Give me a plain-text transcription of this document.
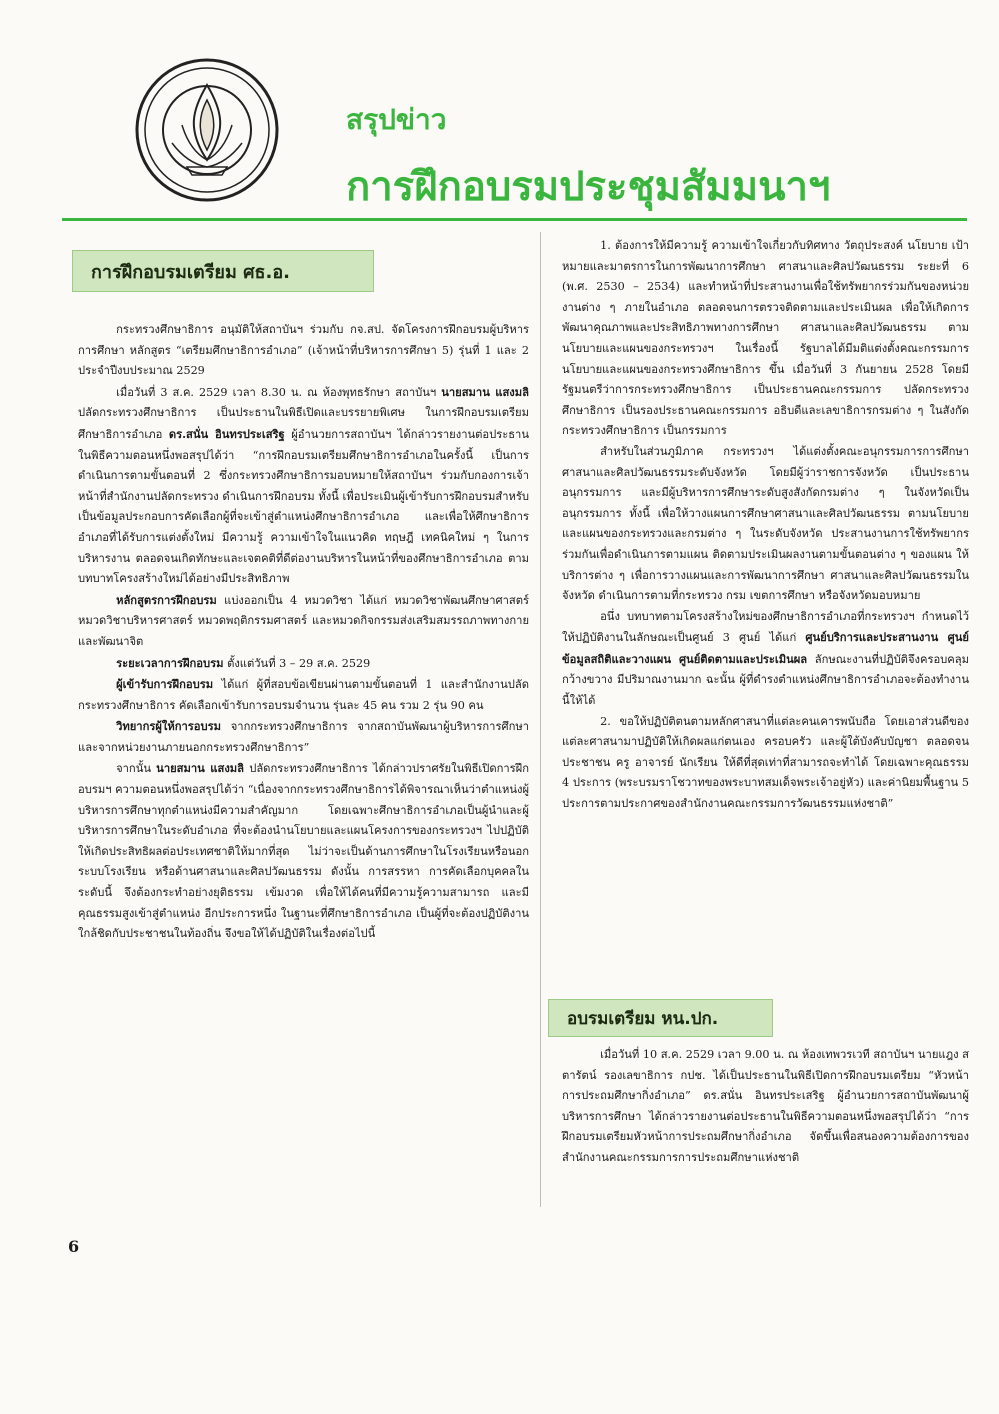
สรุปข่าว

การฝึกอบรมประชุมสัมมนาฯ
การฝึกอบรมเตรียม ศธ.อ.

กระทรวงศึกษาธิการ อนุมัติให้สถาบันฯ ร่วมกับ กจ.สป. จัดโครงการฝึกอบรมผู้บริหารการศึกษา หลักสูตร “เตรียมศึกษาธิการอำเภอ” (เจ้าหน้าที่บริหารการศึกษา 5) รุ่นที่ 1 และ 2 ประจำปีงบประมาณ 2529

เมื่อวันที่ 3 ส.ค. 2529 เวลา 8.30 น. ณ ห้องพุทธรักษา สถาบันฯ นายสมาน แสงมลิ ปลัดกระทรวงศึกษาธิการ เป็นประธานในพิธีเปิดและบรรยายพิเศษ ในการฝึกอบรมเตรียมศึกษาธิการอำเภอ ดร.สนั่น อินทรประเสริฐ ผู้อำนวยการสถาบันฯ ได้กล่าวรายงานต่อประธานในพิธีความตอนหนึ่งพอสรุปได้ว่า “การฝึกอบรมเตรียมศึกษาธิการอำเภอในครั้งนี้ เป็นการดำเนินการตามขั้นตอนที่ 2 ซึ่งกระทรวงศึกษาธิการมอบหมายให้สถาบันฯ ร่วมกับกองการเจ้าหน้าที่สำนักงานปลัดกระทรวง ดำเนินการฝึกอบรม ทั้งนี้ เพื่อประเมินผู้เข้ารับการฝึกอบรมสำหรับเป็นข้อมูลประกอบการคัดเลือกผู้ที่จะเข้าสู่ตำแหน่งศึกษาธิการอำเภอ และเพื่อให้ศึกษาธิการอำเภอที่ได้รับการแต่งตั้งใหม่ มีความรู้ ความเข้าใจในแนวคิด ทฤษฎี เทคนิคใหม่ ๆ ในการบริหารงาน ตลอดจนเกิดทักษะและเจตคติที่ดีต่องานบริหารในหน้าที่ของศึกษาธิการอำเภอ ตามบทบาทโครงสร้างใหม่ได้อย่างมีประสิทธิภาพ

หลักสูตรการฝึกอบรม แบ่งออกเป็น 4 หมวดวิชา ได้แก่ หมวดวิชาพัฒนศึกษาศาสตร์ หมวดวิชาบริหารศาสตร์ หมวดพฤติกรรมศาสตร์ และหมวดกิจกรรมส่งเสริมสมรรถภาพทางกายและพัฒนาจิต

ระยะเวลาการฝึกอบรม ตั้งแต่วันที่ 3 – 29 ส.ค. 2529

ผู้เข้ารับการฝึกอบรม ได้แก่ ผู้ที่สอบข้อเขียนผ่านตามขั้นตอนที่ 1 และสำนักงานปลัดกระทรวงศึกษาธิการ คัดเลือกเข้ารับการอบรมจำนวน รุ่นละ 45 คน รวม 2 รุ่น 90 คน

วิทยากรผู้ให้การอบรม จากกระทรวงศึกษาธิการ จากสถาบันพัฒนาผู้บริหารการศึกษา และจากหน่วยงานภายนอกกระทรวงศึกษาธิการ”

จากนั้น นายสมาน แสงมลิ ปลัดกระทรวงศึกษาธิการ ได้กล่าวปราศรัยในพิธีเปิดการฝึกอบรมฯ ความตอนหนึ่งพอสรุปได้ว่า “เนื่องจากกระทรวงศึกษาธิการได้พิจารณาเห็นว่าตำแหน่งผู้บริหารการศึกษาทุกตำแหน่งมีความสำคัญมาก โดยเฉพาะศึกษาธิการอำเภอเป็นผู้นำและผู้บริหารการศึกษาในระดับอำเภอ ที่จะต้องนำนโยบายและแผนโครงการของกระทรวงฯ ไปปฏิบัติให้เกิดประสิทธิผลต่อประเทศชาติให้มากที่สุด ไม่ว่าจะเป็นด้านการศึกษาในโรงเรียนหรือนอกระบบโรงเรียน หรือด้านศาสนาและศิลปวัฒนธรรม ดังนั้น การสรรหา การคัดเลือกบุคคลในระดับนี้ จึงต้องกระทำอย่างยุติธรรม เข้มงวด เพื่อให้ได้คนที่มีความรู้ความสามารถ และมีคุณธรรมสูงเข้าสู่ตำแหน่ง อีกประการหนึ่ง ในฐานะที่ศึกษาธิการอำเภอ เป็นผู้ที่จะต้องปฏิบัติงานใกล้ชิดกับประชาชนในท้องถิ่น จึงขอให้ได้ปฏิบัติในเรื่องต่อไปนี้

1. ต้องการให้มีความรู้ ความเข้าใจเกี่ยวกับทิศทาง วัตถุประสงค์ นโยบาย เป้าหมายและมาตรการในการพัฒนาการศึกษา ศาสนาและศิลปวัฒนธรรม ระยะที่ 6 (พ.ศ. 2530 – 2534) และทำหน้าที่ประสานงานเพื่อใช้ทรัพยากรร่วมกันของหน่วยงานต่าง ๆ ภายในอำเภอ ตลอดจนการตรวจติดตามและประเมินผล เพื่อให้เกิดการพัฒนาคุณภาพและประสิทธิภาพทางการศึกษา ศาสนาและศิลปวัฒนธรรม ตามนโยบายและแผนของกระทรวงฯ ในเรื่องนี้ รัฐบาลได้มีมติแต่งตั้งคณะกรรมการนโยบายและแผนของกระทรวงศึกษาธิการ ขึ้น เมื่อวันที่ 3 กันยายน 2528 โดยมี รัฐมนตรีว่าการกระทรวงศึกษาธิการ เป็นประธานคณะกรรมการ ปลัดกระทรวงศึกษาธิการ เป็นรองประธานคณะกรรมการ อธิบดีและเลขาธิการกรมต่าง ๆ ในสังกัดกระทรวงศึกษาธิการ เป็นกรรมการ

สำหรับในส่วนภูมิภาค กระทรวงฯ ได้แต่งตั้งคณะอนุกรรมการการศึกษา ศาสนาและศิลปวัฒนธรรมระดับจังหวัด โดยมีผู้ว่าราชการจังหวัด เป็นประธานอนุกรรมการ และมีผู้บริหารการศึกษาระดับสูงสังกัดกรมต่าง ๆ ในจังหวัดเป็นอนุกรรมการ ทั้งนี้ เพื่อให้วางแผนการศึกษาศาสนาและศิลปวัฒนธรรม ตามนโยบายและแผนของกระทรวงและกรมต่าง ๆ ในระดับจังหวัด ประสานงานการใช้ทรัพยากรร่วมกันเพื่อดำเนินการตามแผน ติดตามประเมินผลงานตามขั้นตอนต่าง ๆ ของแผน ให้บริการต่าง ๆ เพื่อการวางแผนและการพัฒนาการศึกษา ศาสนาและศิลปวัฒนธรรมในจังหวัด ดำเนินการตามที่กระทรวง กรม เขตการศึกษา หรือจังหวัดมอบหมาย

อนึ่ง บทบาทตามโครงสร้างใหม่ของศึกษาธิการอำเภอที่กระทรวงฯ กำหนดไว้ให้ปฏิบัติงานในลักษณะเป็นศูนย์ 3 ศูนย์ ได้แก่ ศูนย์บริการและประสานงาน ศูนย์ข้อมูลสถิติและวางแผน ศูนย์ติดตามและประเมินผล ลักษณะงานที่ปฏิบัติจึงครอบคลุม กว้างขวาง มีปริมาณงานมาก ฉะนั้น ผู้ที่ดำรงตำแหน่งศึกษาธิการอำเภอจะต้องทำงานนี้ให้ได้

2. ขอให้ปฏิบัติตนตามหลักศาสนาที่แต่ละคนเคารพนับถือ โดยเอาส่วนดีของแต่ละศาสนามาปฏิบัติให้เกิดผลแก่ตนเอง ครอบครัว และผู้ใต้บังคับบัญชา ตลอดจนประชาชน ครู อาจารย์ นักเรียน ให้ดีที่สุดเท่าที่สามารถจะทำได้ โดยเฉพาะคุณธรรม 4 ประการ (พระบรมราโชวาทของพระบาทสมเด็จพระเจ้าอยู่หัว) และค่านิยมพื้นฐาน 5 ประการตามประกาศของสำนักงานคณะกรรมการวัฒนธรรมแห่งชาติ”

อบรมเตรียม หน.ปก.

เมื่อวันที่ 10 ส.ค. 2529 เวลา 9.00 น. ณ ห้องเทพวรเวที สถาบันฯ นายแฎง สตารัตน์ รองเลขาธิการ กปช. ได้เป็นประธานในพิธีเปิดการฝึกอบรมเตรียม “หัวหน้าการประถมศึกษากิ่งอำเภอ” ดร.สนั่น อินทรประเสริฐ ผู้อำนวยการสถาบันพัฒนาผู้บริหารการศึกษา ได้กล่าวรายงานต่อประธานในพิธีความตอนหนึ่งพอสรุปได้ว่า “การฝึกอบรมเตรียมหัวหน้าการประถมศึกษากิ่งอำเภอ จัดขึ้นเพื่อสนองความต้องการของสำนักงานคณะกรรมการการประถมศึกษาแห่งชาติ

6
